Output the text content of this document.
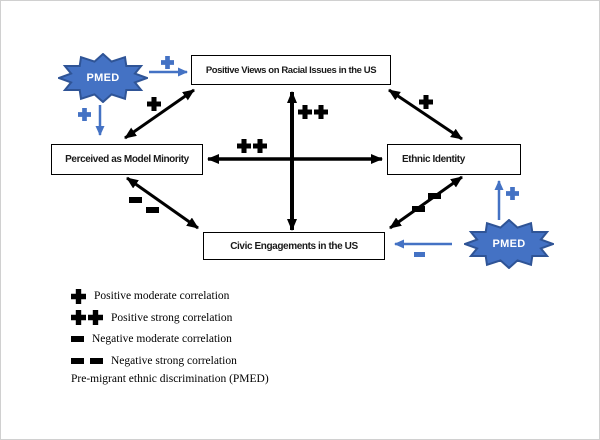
Positive Views on Racial Issues in the US
Perceived as Model Minority	Ethnic Identity
Civic Engagements in the US
PMED
PMED
Positive moderate correlation
Positive strong correlation
Negative moderate correlation
Negative strong correlation
Pre-migrant ethnic discrimination (PMED)
